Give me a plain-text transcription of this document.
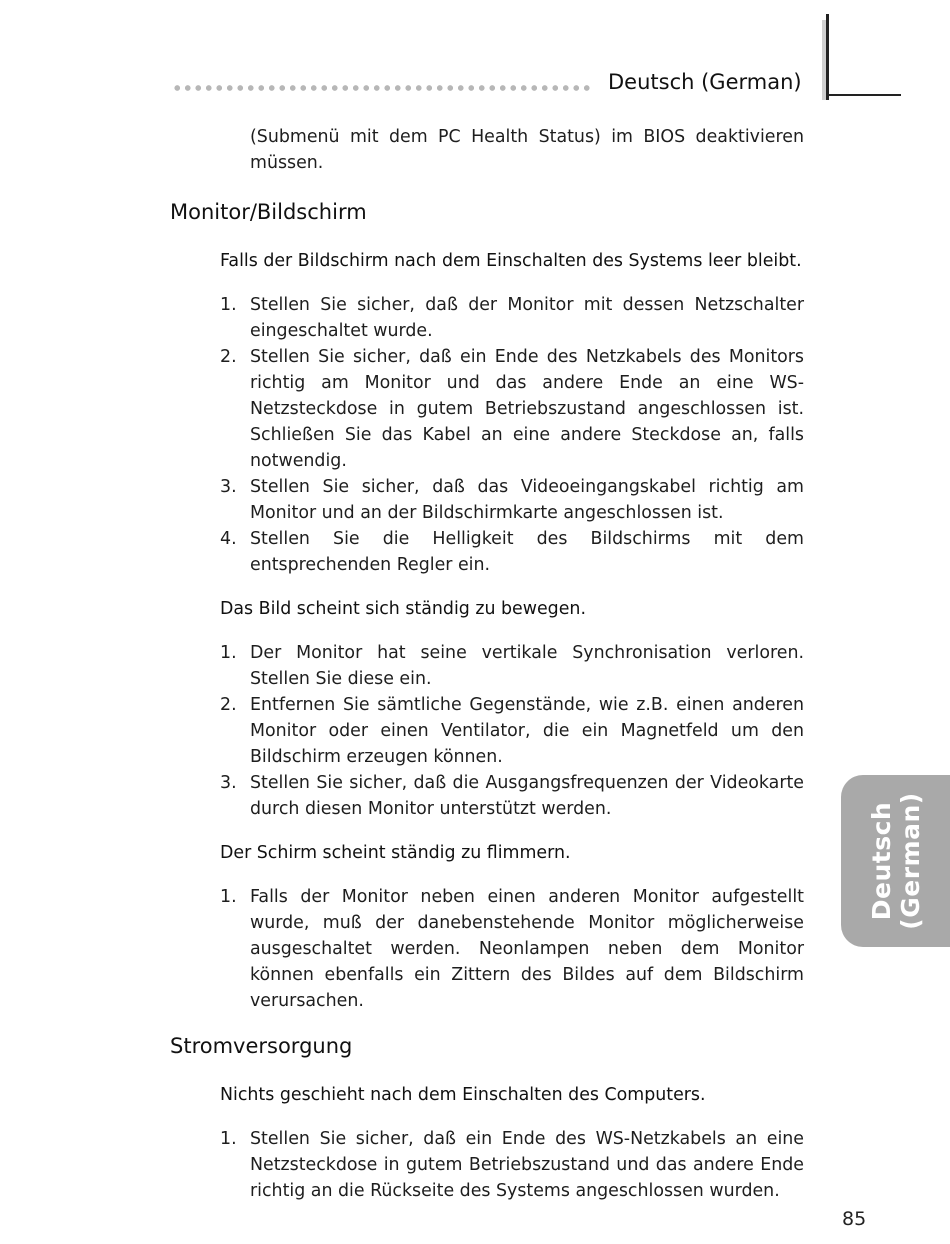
Deutsch (German)
Deutsch (German)

(Submenü mit dem PC Health Status) im BIOS deaktivieren müssen.

Monitor/Bildschirm

Falls der Bildschirm nach dem Einschalten des Systems leer bleibt.

1. Stellen Sie sicher, daß der Monitor mit dessen Netzschalter eingeschaltet wurde.
2. Stellen Sie sicher, daß ein Ende des Netzkabels des Monitors richtig am Monitor und das andere Ende an eine WS-Netzsteckdose in gutem Betriebszustand angeschlossen ist. Schließen Sie das Kabel an eine andere Steckdose an, falls notwendig.
3. Stellen Sie sicher, daß das Videoeingangskabel richtig am Monitor und an der Bildschirmkarte angeschlossen ist.
4. Stellen Sie die Helligkeit des Bildschirms mit dem entsprechenden Regler ein.

Das Bild scheint sich ständig zu bewegen.

1. Der Monitor hat seine vertikale Synchronisation verloren. Stellen Sie diese ein.
2. Entfernen Sie sämtliche Gegenstände, wie z.B. einen anderen Monitor oder einen Ventilator, die ein Magnetfeld um den Bildschirm erzeugen können.
3. Stellen Sie sicher, daß die Ausgangsfrequenzen der Videokarte durch diesen Monitor unterstützt werden.

Der Schirm scheint ständig zu flimmern.

1. Falls der Monitor neben einen anderen Monitor aufgestellt wurde, muß der danebenstehende Monitor möglicherweise ausgeschaltet werden. Neonlampen neben dem Monitor können ebenfalls ein Zittern des Bildes auf dem Bildschirm verursachen.
Stromversorgung

Nichts geschieht nach dem Einschalten des Computers.

1. Stellen Sie sicher, daß ein Ende des WS-Netzkabels an eine Netzsteckdose in gutem Betriebszustand und das andere Ende richtig an die Rückseite des Systems angeschlossen wurden.
85
